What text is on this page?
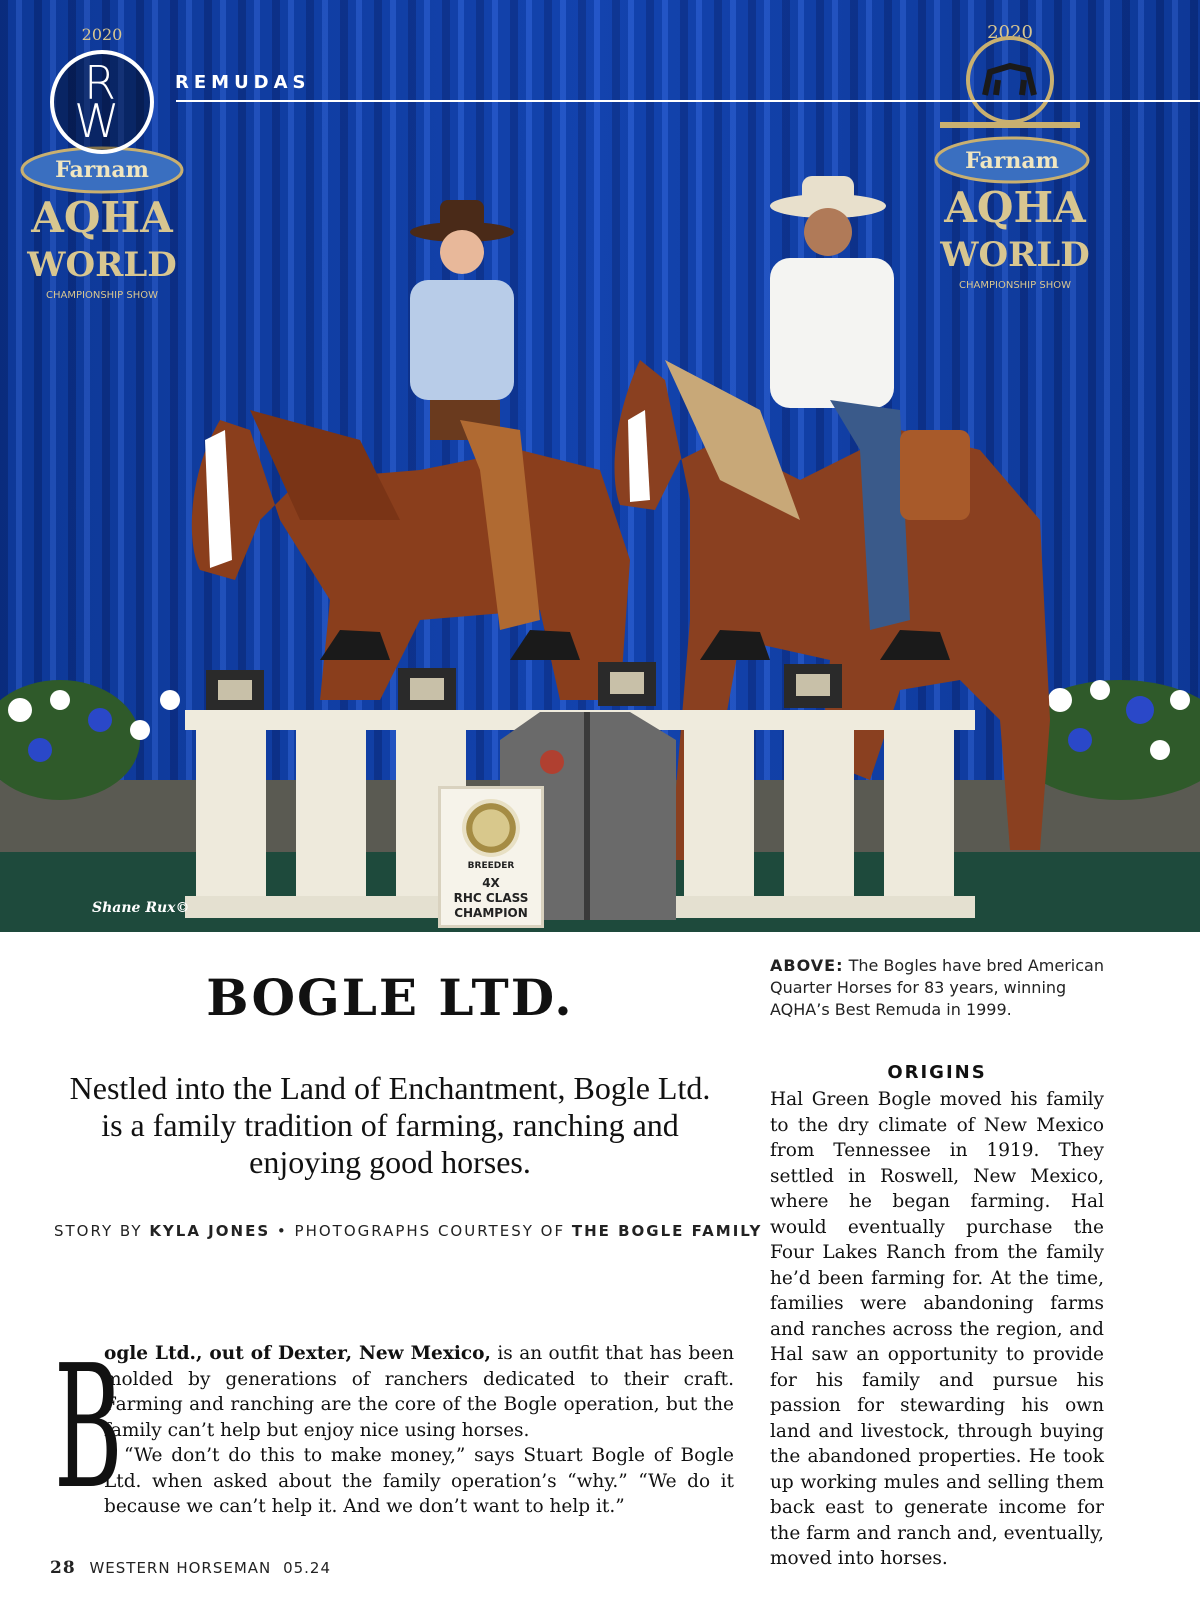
Farnam
2020
AQHA
WORLD
CHAMPIONSHIP SHOW
2020
Farnam
AQHA
WORLD
CHAMPIONSHIP SHOW
BREEDER
4X
RHC CLASS
CHAMPION
Shane Rux©
R
W
REMUDAS
BOGLE LTD.

Nestled into the Land of Enchantment, Bogle Ltd. is a family tradition of farming, ranching and enjoying good horses.

STORY BY KYLA JONES • PHOTOGRAPHS COURTESY OF THE BOGLE FAMILY
B

ogle Ltd., out of Dexter, New Mexico, is an outfit that has been molded by generations of ranchers dedicated to their craft. Farming and ranching are the core of the Bogle operation, but the family can’t help but enjoy nice using horses.

“We don’t do this to make money,” says Stuart Bogle of Bogle Ltd. when asked about the family operation’s “why.” “We do it because we can’t help it. And we don’t want to help it.”

ABOVE: The Bogles have bred American Quarter Horses for 83 years, winning AQHA’s Best Remuda in 1999.

ORIGINS

Hal Green Bogle moved his family to the dry climate of New Mexico from Tennessee in 1919. They settled in Roswell, New Mexico, where he began farming. Hal would eventually purchase the Four Lakes Ranch from the family he’d been farming for. At the time, families were abandoning farms and ranches across the region, and Hal saw an opportunity to provide for his family and pursue his passion for stewarding his own land and livestock, through buying the abandoned properties. He took up working mules and selling them back east to generate income for the farm and ranch and, eventually, moved into horses.

28 WESTERN HORSEMAN 05.24
